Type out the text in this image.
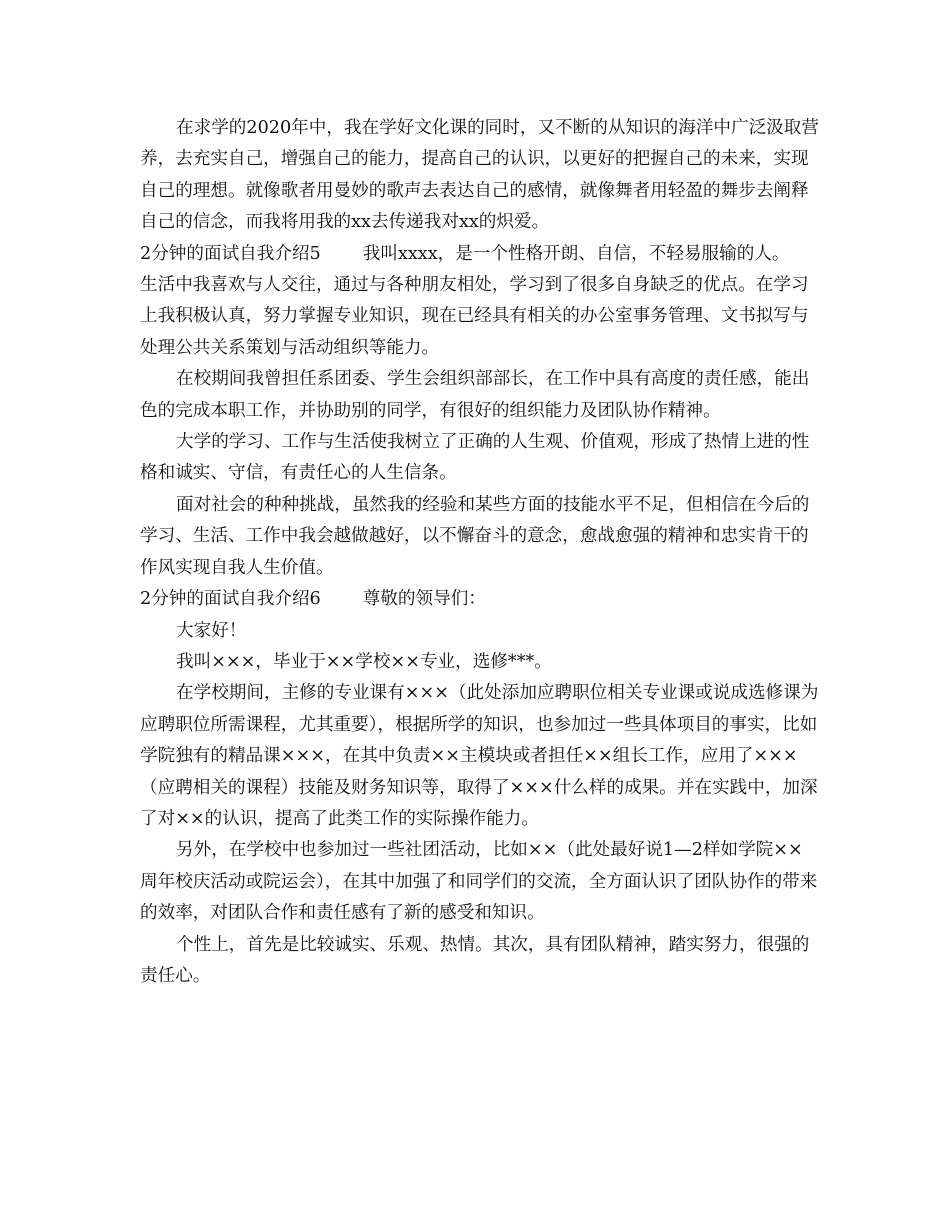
在求学的2020年中，我在学好文化课的同时，又不断的从知识的海洋中广泛汲取营养，去充实自己，增强自己的能力，提高自己的认识，以更好的把握自己的未来，实现自己的理想。就像歌者用曼妙的歌声去表达自己的感情，就像舞者用轻盈的舞步去阐释自己的信念，而我将用我的xx去传递我对xx的炽爱。

2分钟的面试自我介绍5 我叫xxxx，是一个性格开朗、自信，不轻易服输的人。

生活中我喜欢与人交往，通过与各种朋友相处，学习到了很多自身缺乏的优点。在学习上我积极认真，努力掌握专业知识，现在已经具有相关的办公室事务管理、文书拟写与处理公共关系策划与活动组织等能力。

在校期间我曾担任系团委、学生会组织部部长，在工作中具有高度的责任感，能出色的完成本职工作，并协助别的同学，有很好的组织能力及团队协作精神。

大学的学习、工作与生活使我树立了正确的人生观、价值观，形成了热情上进的性格和诚实、守信，有责任心的人生信条。

面对社会的种种挑战，虽然我的经验和某些方面的技能水平不足，但相信在今后的学习、生活、工作中我会越做越好，以不懈奋斗的意念，愈战愈强的精神和忠实肯干的作风实现自我人生价值。

2分钟的面试自我介绍6 尊敬的领导们：

大家好！

我叫×××，毕业于××学校××专业，选修***。

在学校期间，主修的专业课有×××（此处添加应聘职位相关专业课或说成选修课为应聘职位所需课程，尤其重要），根据所学的知识，也参加过一些具体项目的事实，比如学院独有的精品课×××，在其中负责××主模块或者担任××组长工作，应用了×××（应聘相关的课程）技能及财务知识等，取得了×××什么样的成果。并在实践中，加深了对××的认识，提高了此类工作的实际操作能力。

另外，在学校中也参加过一些社团活动，比如××（此处最好说1—2样如学院××周年校庆活动或院运会），在其中加强了和同学们的交流，全方面认识了团队协作的带来的效率，对团队合作和责任感有了新的感受和知识。

个性上，首先是比较诚实、乐观、热情。其次，具有团队精神，踏实努力，很强的责任心。
